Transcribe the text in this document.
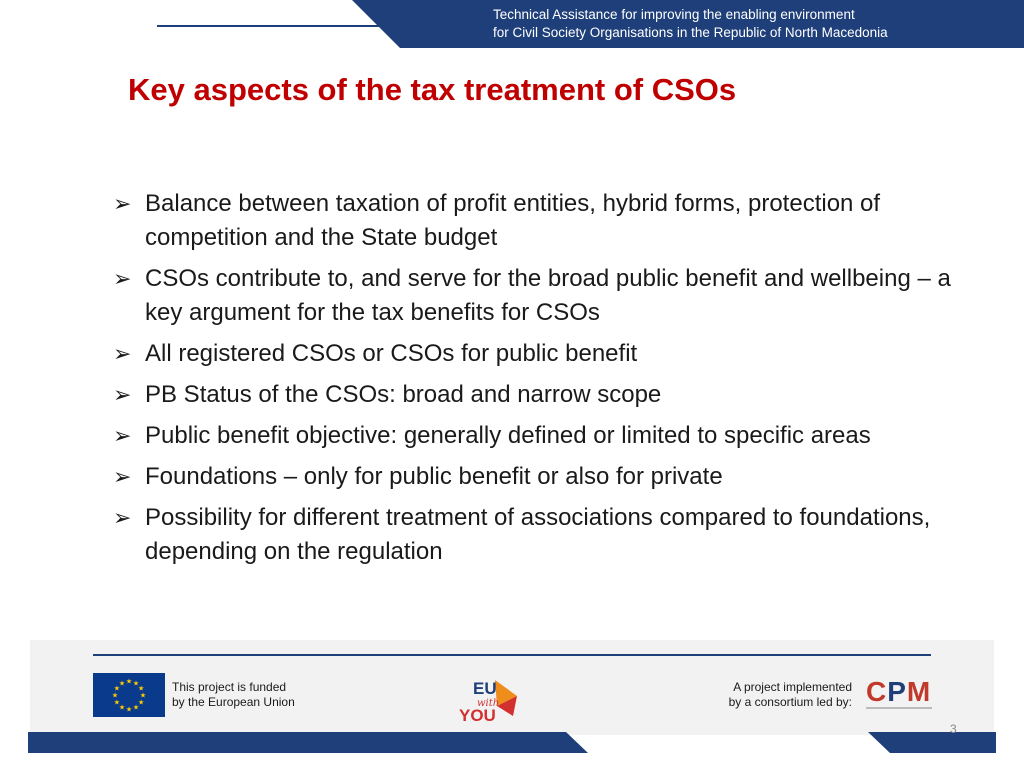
Technical Assistance for improving the enabling environment
for Civil Society Organisations in the Republic of North Macedonia
Key aspects of the tax treatment of CSOs
➢ Balance between taxation of profit entities, hybrid forms, protection of competition and the State budget
➢ CSOs contribute to, and serve for the broad public benefit and wellbeing – a key argument for the tax benefits for CSOs
➢ All registered CSOs or CSOs for public benefit
➢ PB Status of the CSOs: broad and narrow scope
➢ Public benefit objective: generally defined or limited to specific areas
➢ Foundations – only for public benefit or also for private
➢ Possibility for different treatment of associations compared to foundations, depending on the regulation
★ ★
★
★
★
★
★
★
★
★
★
★	This project is funded
by the European Union
EU
with
YOU
A project implemented
by a consortium led by: CPM
3
